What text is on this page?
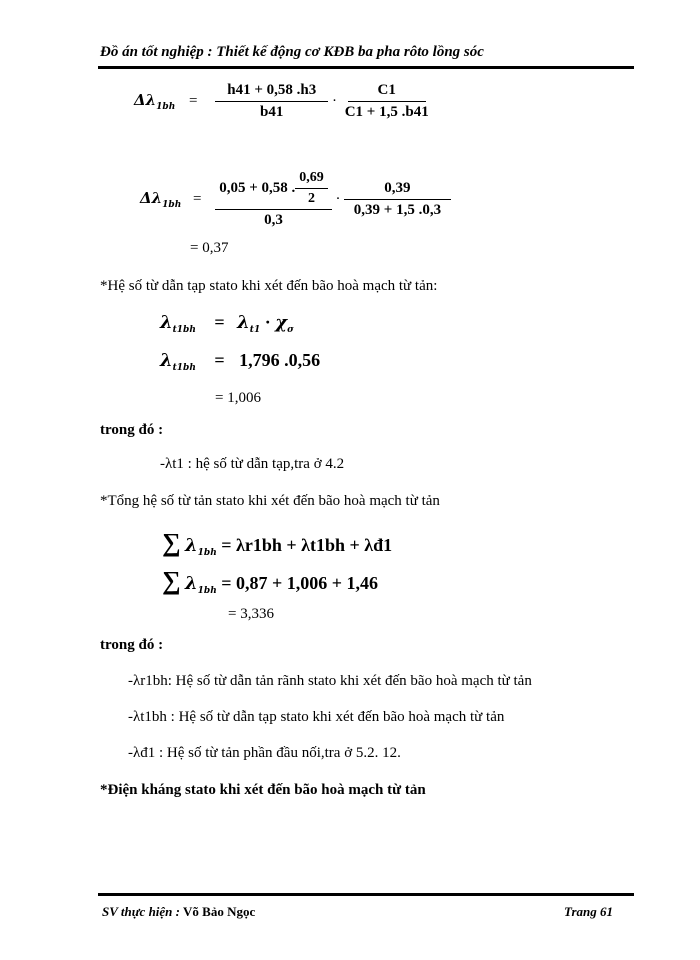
Đồ án tốt nghiệp : Thiết kế động cơ KĐB ba pha rôto lồng sóc
$\Delta\lambda_{1bh} = \frac{h41 + 0,58 .h3}{b41} \cdot \frac{C1}{C1 + 1,5 .b41}$
$\Delta\lambda_{1bh} = \frac{0,05 + 0,58 . \frac{0,69}{2}}{0,3} \cdot \frac{0,39}{0,39 + 1,5 .0,3}$
= 0,37
*Hệ số từ dẫn tạp stato khi xét đến bão hoà mạch từ tản:
$\lambda_{t1bh} = \lambda_{t1} \cdot \chi_\sigma$
$\lambda_{t1bh} = 1,796$ .0,56
= 1,006
trong đó :
-λt1 : hệ số từ dẫn tạp,tra ở 4.2
*Tổng hệ số từ tản stato khi xét đến bão hoà mạch từ tản
∑ $\lambda_{1bh} = \lambda r1bh + \lambda t1bh$ + λđ1
∑ $\lambda_{1bh} = 0,87 + 1,006 + 1,46$
= 3,336
trong đó :
-λr1bh: Hệ số từ dẫn tản rãnh stato khi xét đến bão hoà mạch từ tản
-λt1bh : Hệ số từ dẫn tạp stato khi xét đến bão hoà mạch từ tản
-λđ1 : Hệ số từ tản phần đầu nối,tra ở 5.2. 12.
*Điện kháng stato khi xét đến bão hoà mạch từ tản
SV thực hiện : Võ Bảo Ngọc	Trang 61
